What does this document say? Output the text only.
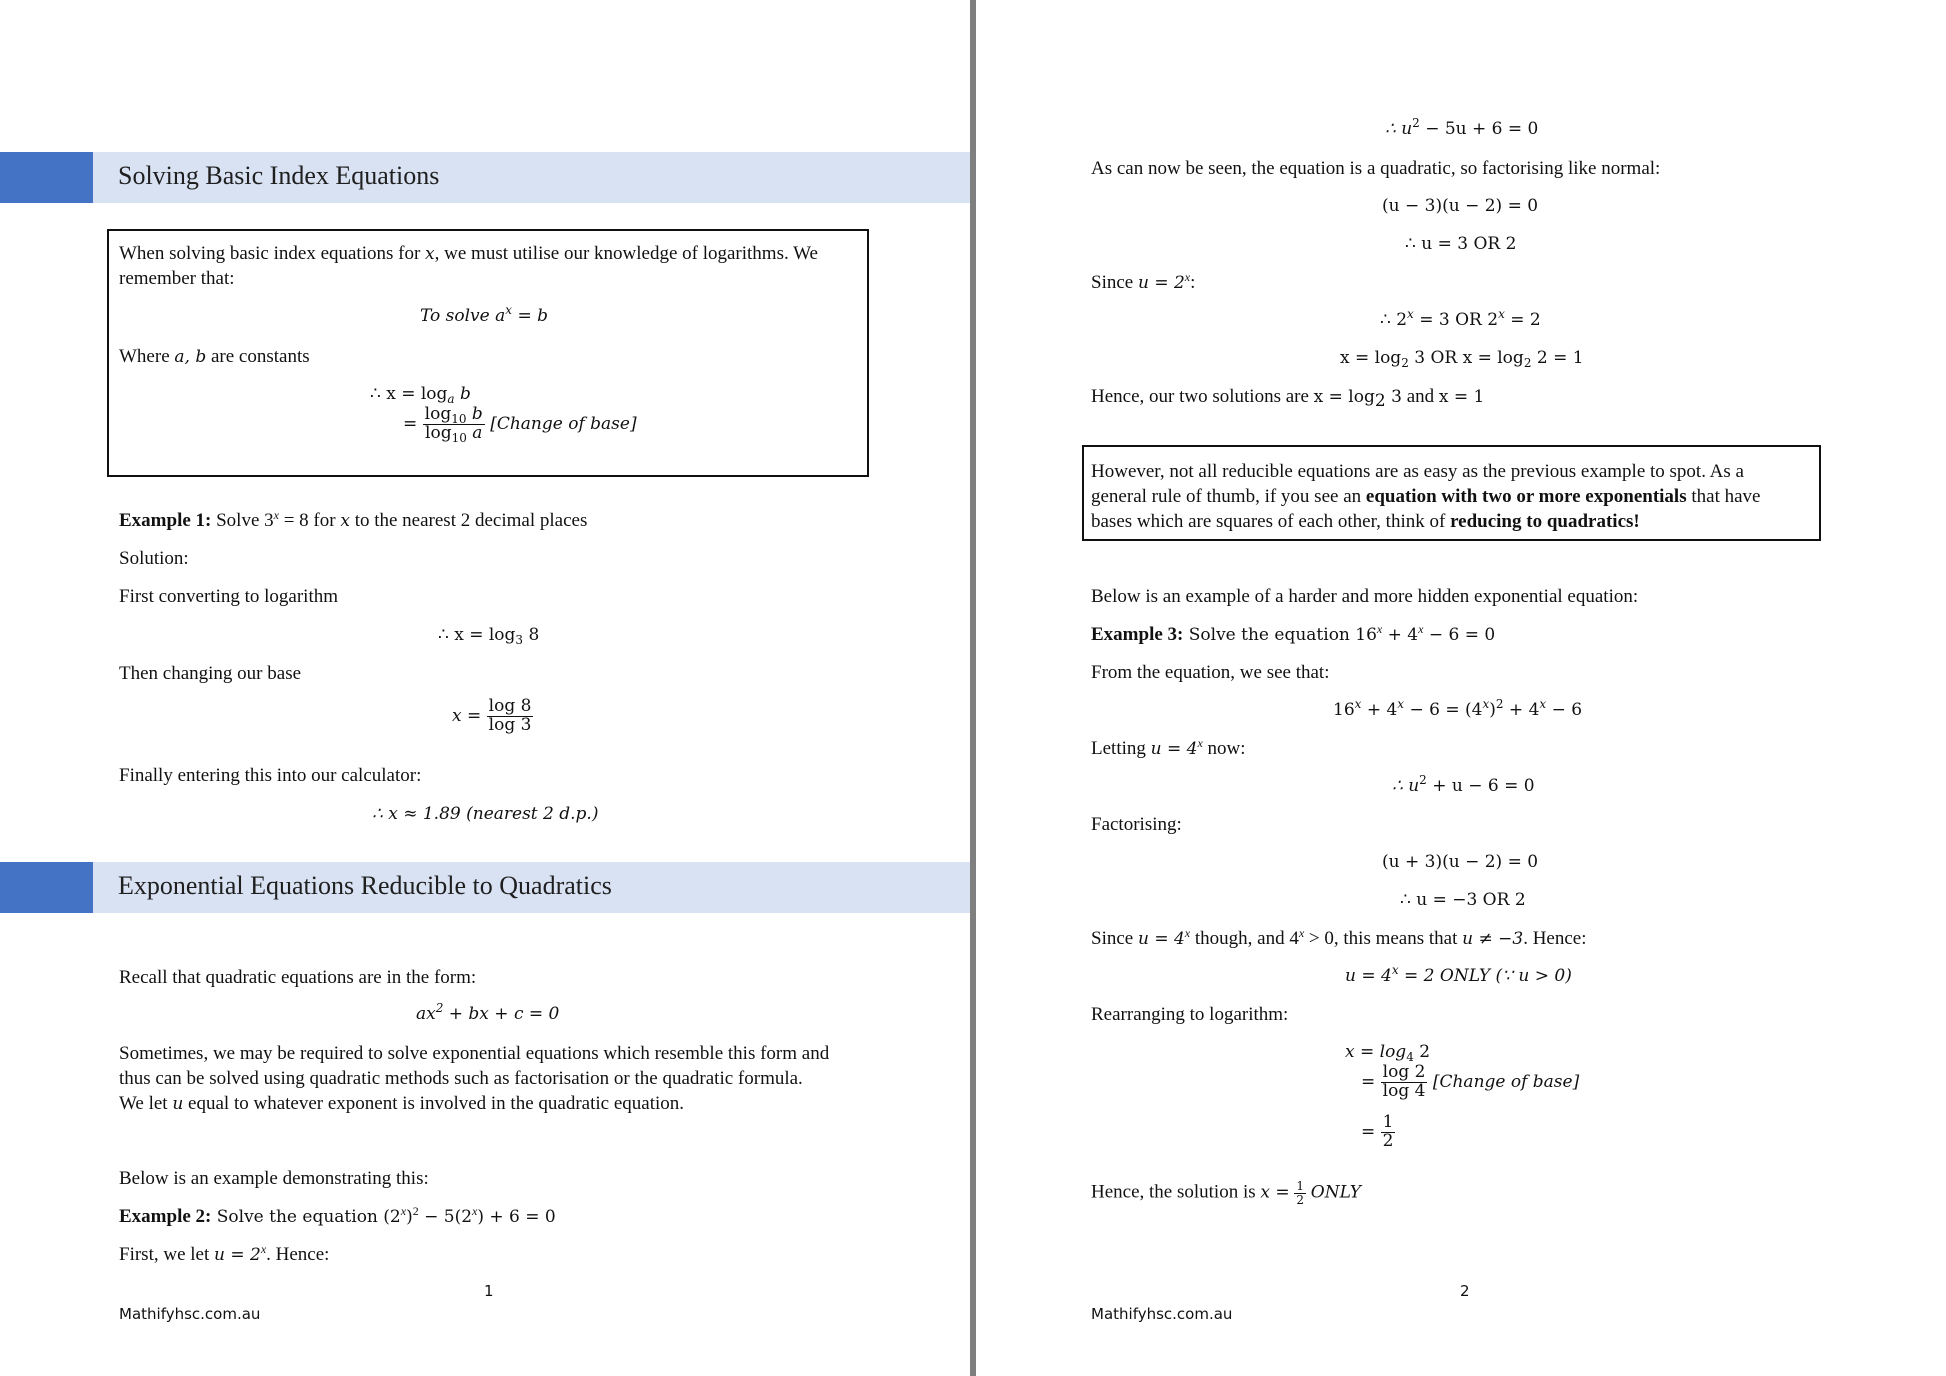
Solving Basic Index Equations
When solving basic index equations for x, we must utilise our knowledge of logarithms. We
remember that:
To solve $a^x = b$
Where a, b are constants
∴ $x = \log_a b$
= $\frac{\log_{10} b}{\log_{10} a}$ [Change of base]
Example 1: Solve $3^x = 8$ for x to the nearest 2 decimal places
Solution:
First converting to logarithm
∴ $x = \log_3 8$
Then changing our base
$x = \frac{\log 8}{\log 3}$
Finally entering this into our calculator:
∴ x ≈ 1.89 (nearest 2 d.p.)
Exponential Equations Reducible to Quadratics
Recall that quadratic equations are in the form:
$ax^2$ + bx + c = 0
Sometimes, we may be required to solve exponential equations which resemble this form and
thus can be solved using quadratic methods such as factorisation or the quadratic formula.
We let u equal to whatever exponent is involved in the quadratic equation.
Below is an example demonstrating this:
Example 2: Solve the equation $(2^x)^2 - 5(2^x) + 6 = 0$
First, we let $u = 2^x$. Hence:
1
Mathifyhsc.com.au
∴ $u^2 - 5u + 6 = 0$
As can now be seen, the equation is a quadratic, so factorising like normal:
(u − 3)(u − 2) = 0
∴ u = 3 OR 2
Since $u = 2^x$:
∴ $2^x = 3$ OR $2^x = 2$
$x = \log_2 3$ OR $x = \log_2 2 = 1$
Hence, our two solutions are $x = \log_2 3$ and x = 1
However, not all reducible equations are as easy as the previous example to spot. As a
general rule of thumb, if you see an equation with two or more exponentials that have
bases which are squares of each other, think of reducing to quadratics!
Below is an example of a harder and more hidden exponential equation:
Example 3: Solve the equation $16^x + 4^x - 6 = 0$
From the equation, we see that:
$16^x + 4^x - 6 = (4^x)^2 + 4^x - 6$
Letting $u = 4^x$ now:
∴ $u^2 + u - 6 = 0$
Factorising:
(u + 3)(u − 2) = 0
∴ u = −3 OR 2
Since $u = 4^x$ though, and $4^x > 0$, this means that u ≠ −3. Hence:
$u = 4^x = 2$ ONLY (∵ u > 0)
Rearranging to logarithm:
$x = \log_4 2$
= $\frac{\log 2}{\log 4}$ [Change of base]
= $\frac{1}{2}$
Hence, the solution is $x = \frac{1}{2}$ ONLY
2
Mathifyhsc.com.au
